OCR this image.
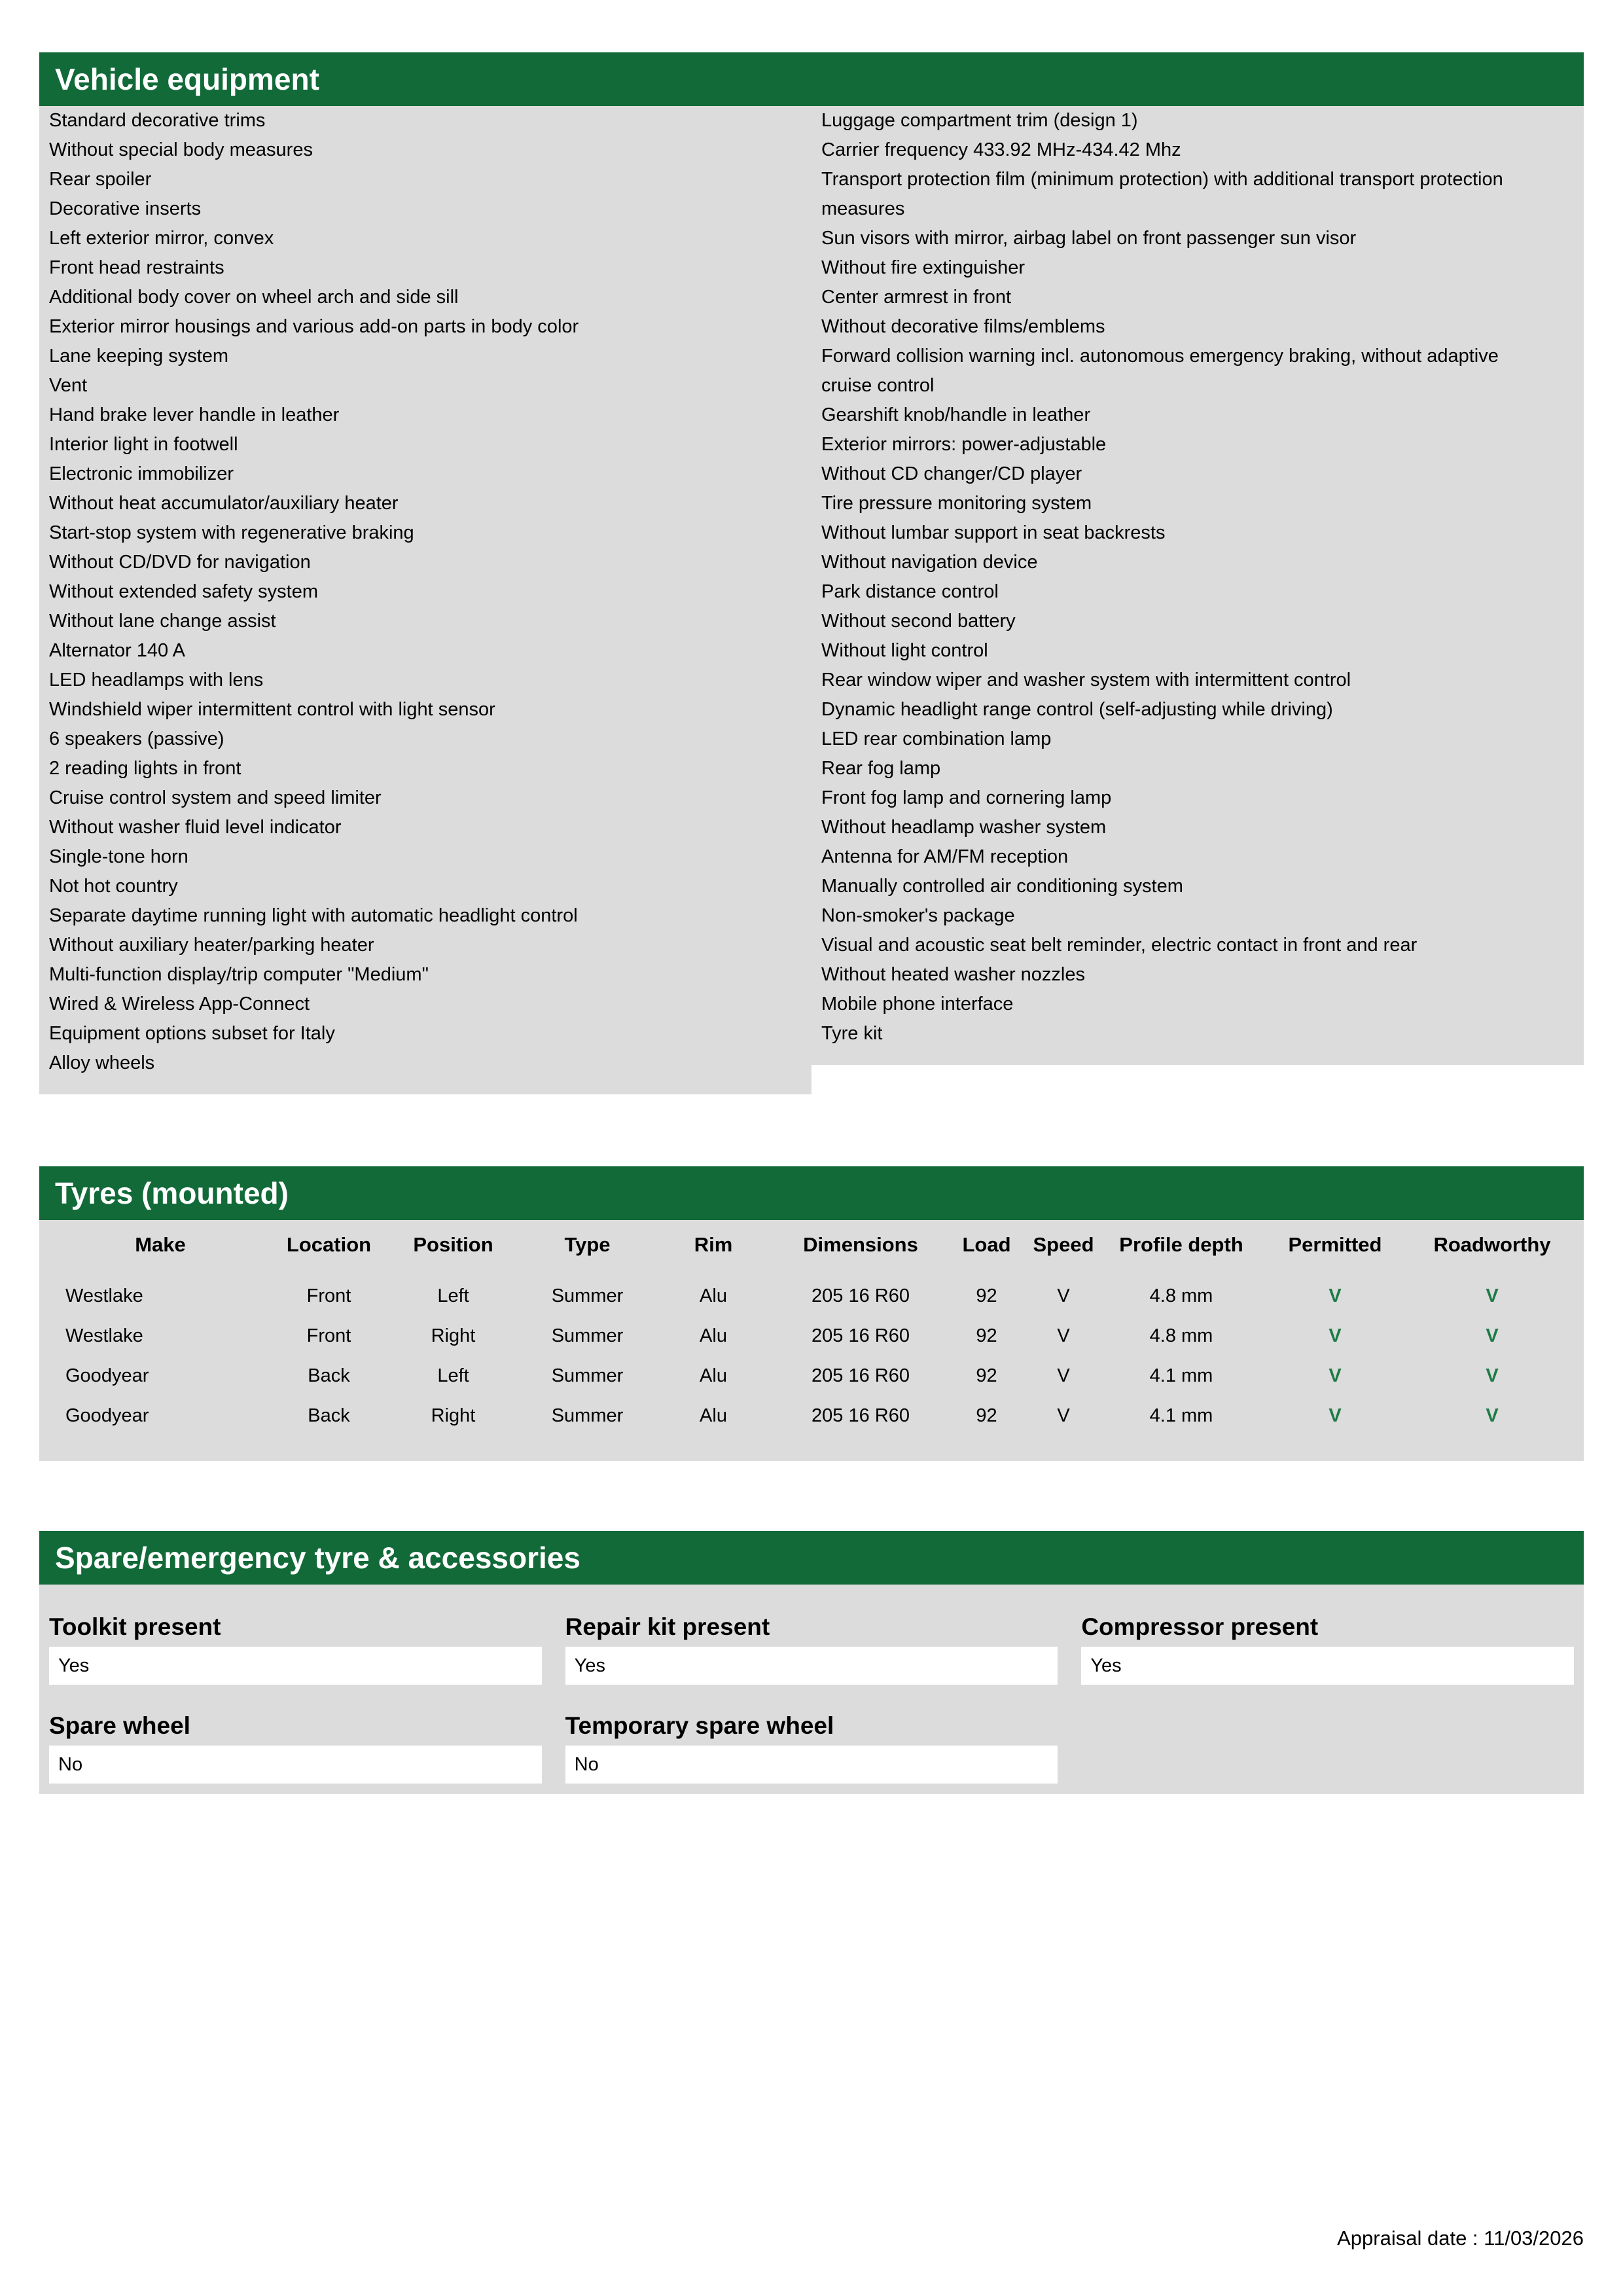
Vehicle equipment
Standard decorative trims
Without special body measures
Rear spoiler
Decorative inserts
Left exterior mirror, convex
Front head restraints
Additional body cover on wheel arch and side sill
Exterior mirror housings and various add-on parts in body color
Lane keeping system
Vent
Hand brake lever handle in leather
Interior light in footwell
Electronic immobilizer
Without heat accumulator/auxiliary heater
Start-stop system with regenerative braking
Without CD/DVD for navigation
Without extended safety system
Without lane change assist
Alternator 140 A
LED headlamps with lens
Windshield wiper intermittent control with light sensor
6 speakers (passive)
2 reading lights in front
Cruise control system and speed limiter
Without washer fluid level indicator
Single-tone horn
Not hot country
Separate daytime running light with automatic headlight control
Without auxiliary heater/parking heater
Multi-function display/trip computer "Medium"
Wired & Wireless App-Connect
Equipment options subset for Italy
Alloy wheels
Luggage compartment trim (design 1)
Carrier frequency 433.92 MHz-434.42 Mhz
Transport protection film (minimum protection) with additional transport protection measures
Sun visors with mirror, airbag label on front passenger sun visor
Without fire extinguisher
Center armrest in front
Without decorative films/emblems
Forward collision warning incl. autonomous emergency braking, without adaptive cruise control
Gearshift knob/handle in leather
Exterior mirrors: power-adjustable
Without CD changer/CD player
Tire pressure monitoring system
Without lumbar support in seat backrests
Without navigation device
Park distance control
Without second battery
Without light control
Rear window wiper and washer system with intermittent control
Dynamic headlight range control (self-adjusting while driving)
LED rear combination lamp
Rear fog lamp
Front fog lamp and cornering lamp
Without headlamp washer system
Antenna for AM/FM reception
Manually controlled air conditioning system
Non-smoker's package
Visual and acoustic seat belt reminder, electric contact in front and rear
Without heated washer nozzles
Mobile phone interface
Tyre kit
Tyres (mounted)
Make	Location	Position	Type	Rim	Dimensions	Load	Speed	Profile depth	Permitted	Roadworthy
Westlake	Front	Left	Summer	Alu	205 16 R60	92	V	4.8 mm	V	V
Westlake	Front	Right	Summer	Alu	205 16 R60	92	V	4.8 mm	V	V
Goodyear	Back	Left	Summer	Alu	205 16 R60	92	V	4.1 mm	V	V
Goodyear	Back	Right	Summer	Alu	205 16 R60	92	V	4.1 mm	V	V
Spare/emergency tyre & accessories
Toolkit present
Yes
Repair kit present
Yes
Compressor present
Yes
Spare wheel
No
Temporary spare wheel
No
Appraisal date : 11/03/2026
